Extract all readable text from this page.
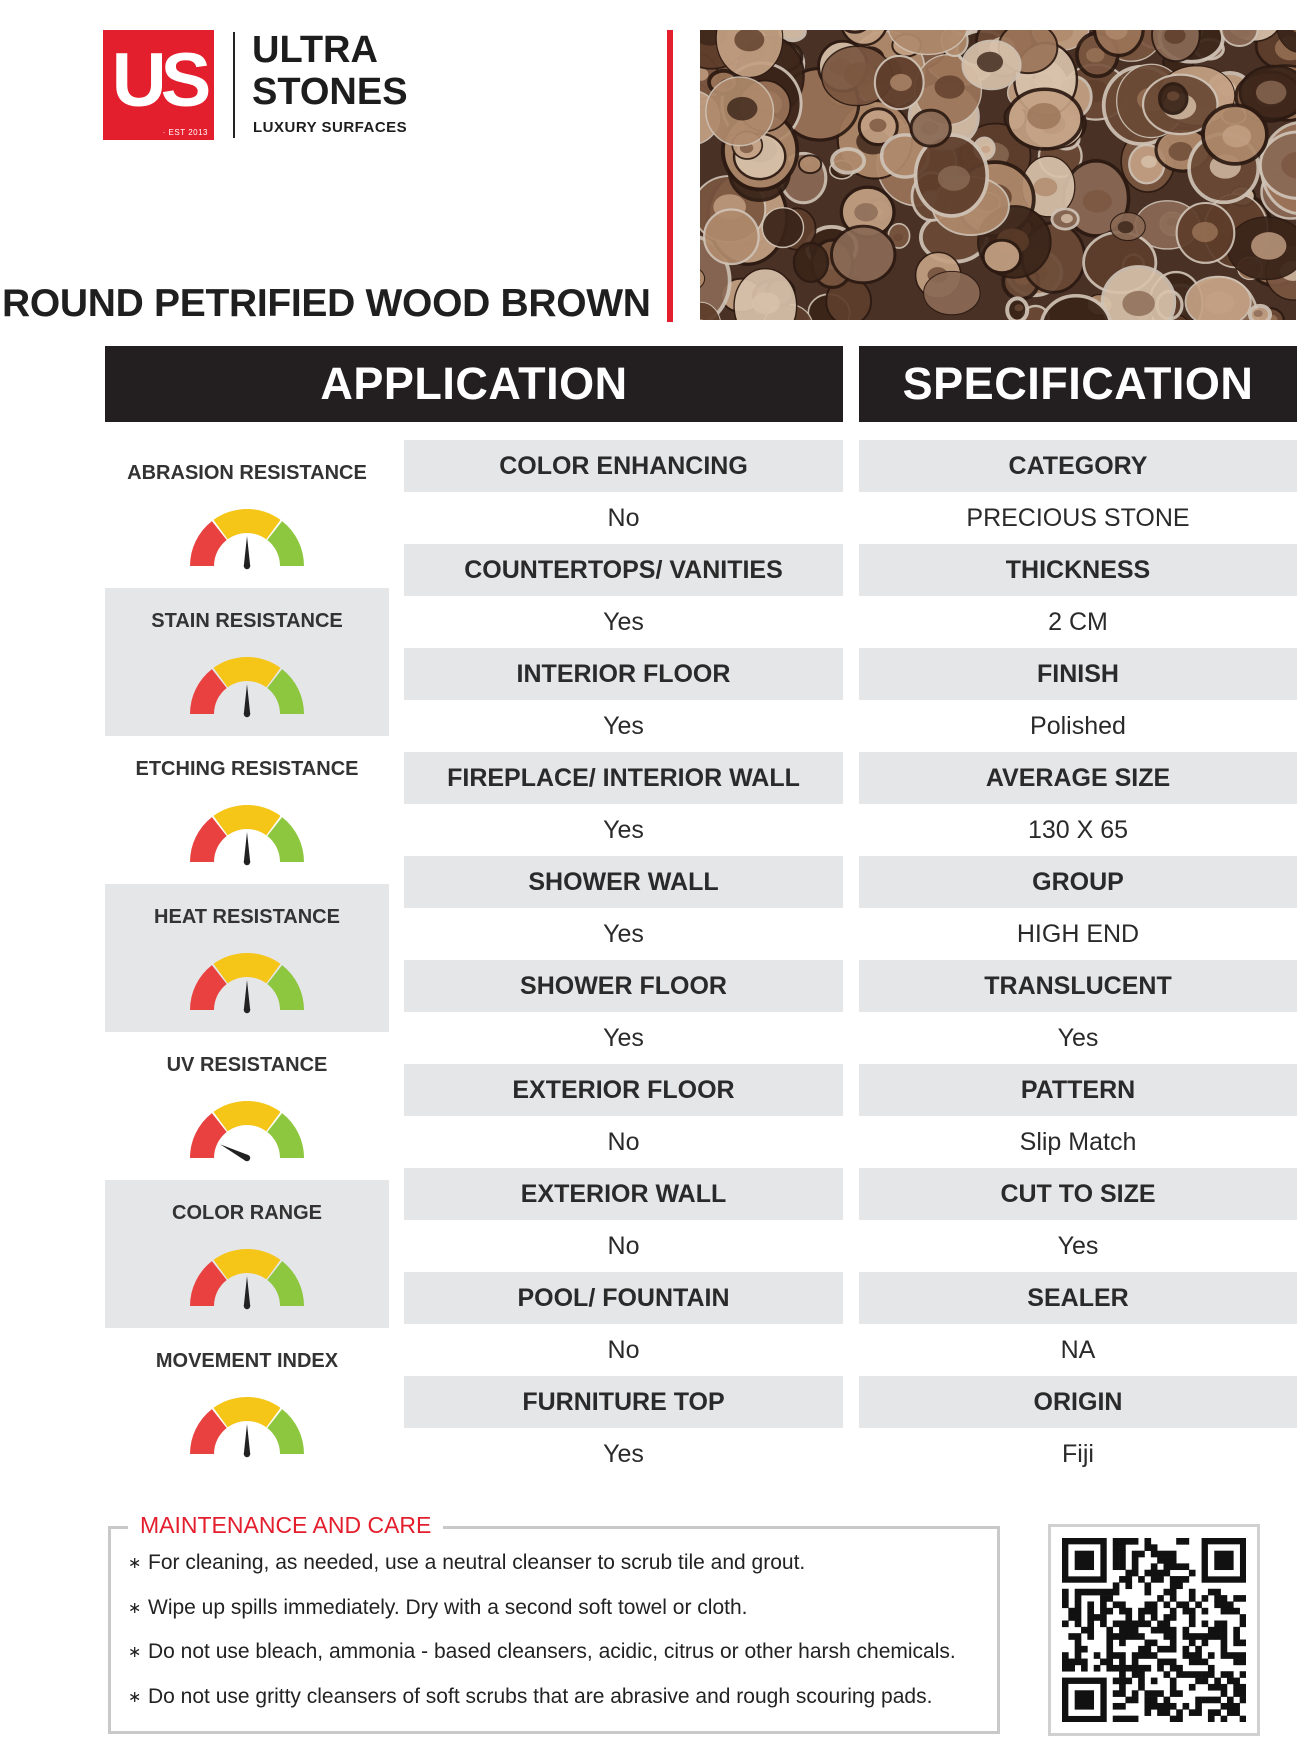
US
· EST 2013
ULTRA
STONES
LUXURY SURFACES
ROUND PETRIFIED WOOD BROWN
APPLICATION	SPECIFICATION
ABRASION RESISTANCE
STAIN RESISTANCE
ETCHING RESISTANCE
HEAT RESISTANCE
UV RESISTANCE
COLOR RANGE
MOVEMENT INDEX
COLOR ENHANCING
No
COUNTERTOPS/ VANITIES
Yes
INTERIOR FLOOR
Yes
FIREPLACE/ INTERIOR WALL
Yes
SHOWER WALL
Yes
SHOWER FLOOR
Yes
EXTERIOR FLOOR
No
EXTERIOR WALL
No
POOL/ FOUNTAIN
No
FURNITURE TOP
Yes
CATEGORY
PRECIOUS STONE
THICKNESS
2 CM
FINISH
Polished
AVERAGE SIZE
130 X 65
GROUP
HIGH END
TRANSLUCENT
Yes
PATTERN
Slip Match
CUT TO SIZE
Yes
SEALER
NA
ORIGIN
Fiji
MAINTENANCE AND CARE
∗ For cleaning, as needed, use a neutral cleanser to scrub tile and grout.
∗ Wipe up spills immediately. Dry with a second soft towel or cloth.
∗ Do not use bleach, ammonia - based cleansers, acidic, citrus or other harsh chemicals.
∗ Do not use gritty cleansers of soft scrubs that are abrasive and rough scouring pads.
